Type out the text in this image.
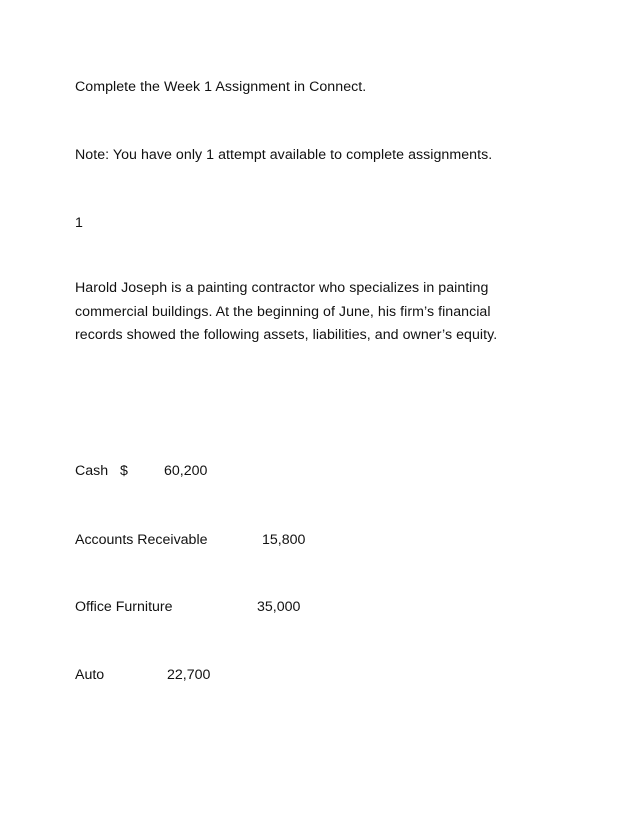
Complete the Week 1 Assignment in Connect.
Note: You have only 1 attempt available to complete assignments.
1
Harold Joseph is a painting contractor who specializes in painting
commercial buildings. At the beginning of June, his firm’s financial
records showed the following assets, liabilities, and owner’s equity.
Cash $	60,200
Accounts Receivable	15,800
Office Furniture	35,000
Auto	22,700
